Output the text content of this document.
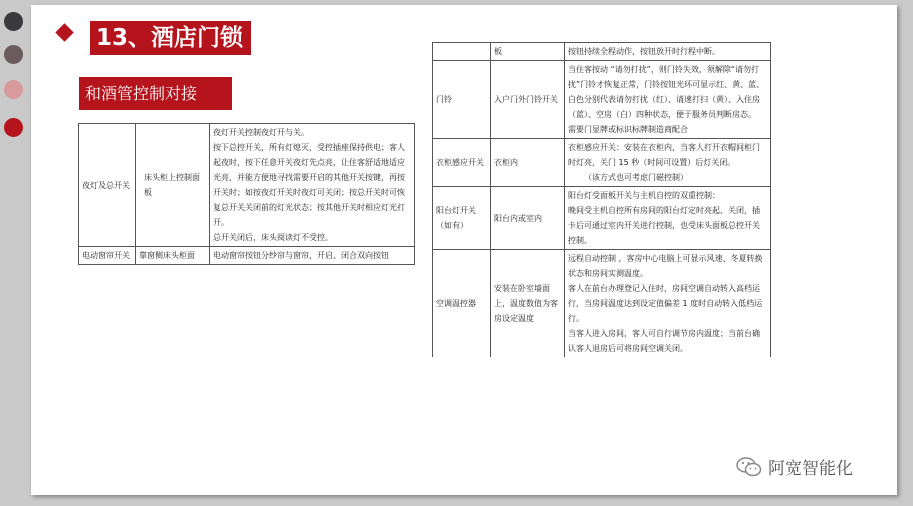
13、酒店门锁
和酒管控制对接
夜灯及总开关	床头柜上控制面板	夜灯开关控制夜灯开与关。

按下总控开关，所有灯熄灭，受控插座保持供电；客人起夜时，按下任意开关夜灯先点亮，让住客舒适地适应光亮，并能方便地寻找需要开启的其他开关按键，再按开关时；如按夜灯开关时夜灯可关闭；按总开关时可恢复总开关关闭前的灯光状态；按其他开关时相应灯光打开。

总开关闭后，床头阅读灯不受控。

电动窗帘开关	靠窗侧床头柜面	电动窗帘按钮分纱帘与窗帘，开启、闭合双向按钮

	板	按钮持续全程动作，按钮放开时行程中断。

门铃	入户门外门铃开关	当住客按动 “请勿打扰”，则门铃失效，须解除“请勿打扰”门铃才恢复正常，门铃按钮光环可显示红、黄、蓝、白色分别代表请勿打扰（红）、请速打扫（黄）、入住房（蓝）、空房（白）四种状态，便于服务员判断房态。

需要门显牌或标识标牌制造商配合

衣柜感应开关	衣柜内	衣柜感应开关：安装在衣柜内，当客人打开衣帽间柜门时灯亮，关门 15 秒（时间可设置）后灯关闭。

（该方式也可考虑门磁控制）

阳台灯开关（如有）	阳台内或室内	阳台灯受面板开关与主机自控的双重控制：

晚间受主机自控所有房间的阳台灯定时亮起、关闭，插卡后可通过室内开关进行控制，也受床头面板总控开关控制。

空调温控器	安装在卧室墙面上，温度数值为客房设定温度	远程自动控制 ，客房中心电脑上可显示风速、冬夏转换状态和房间实测温度。

客人在前台办理登记入住时，房间空调自动转入高档运行，当房间温度达到设定值偏差 1 度时自动转入低档运行。

当客人进入房间，客人可自行调节房内温度；当前台确认客人退房后可将房间空调关闭。

阿宽智能化
